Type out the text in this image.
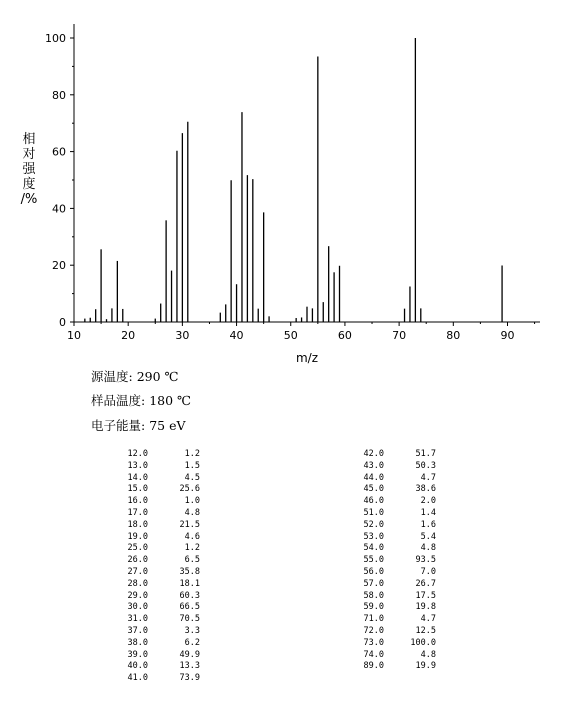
0
20
40
60
80
100
10	20	30	40	50	60	70	80	90
m/z
相
对
强
度
/%
源温度: 290 ℃
样品温度: 180 ℃
电子能量: 75 eV
12.0	1.2
13.0	1.5
14.0	4.5
15.0	25.6
16.0	1.0
17.0	4.8
18.0	21.5
19.0	4.6
25.0	1.2
26.0	6.5
27.0	35.8
28.0	18.1
29.0	60.3
30.0	66.5
31.0	70.5
37.0	3.3
38.0	6.2
39.0	49.9
40.0	13.3
41.0	73.9
42.0	51.7
43.0	50.3
44.0	4.7
45.0	38.6
46.0	2.0
51.0	1.4
52.0	1.6
53.0	5.4
54.0	4.8
55.0	93.5
56.0	7.0
57.0	26.7
58.0	17.5
59.0	19.8
71.0	4.7
72.0	12.5
73.0	100.0
74.0	4.8
89.0	19.9
